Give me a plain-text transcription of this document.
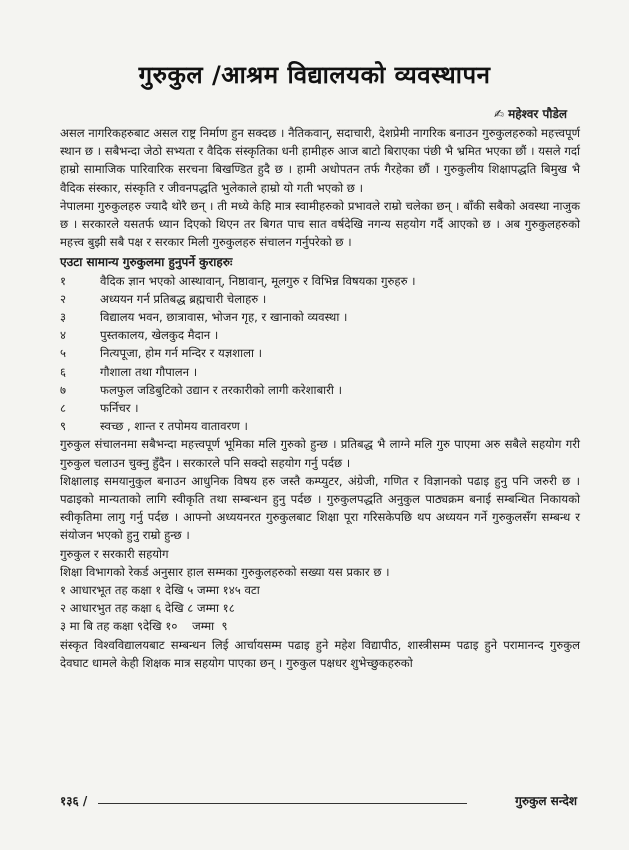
गुरुकुल /आश्रम विद्यालयको व्यवस्थापन
✍ महेश्वर पौडेल

असल नागरिकहरुबाट असल राष्ट्र निर्माण हुन सक्दछ । नैतिकवान्, सदाचारी, देशप्रेमी नागरिक बनाउन गुरुकुलहरुको महत्त्वपूर्ण स्थान छ । सबैभन्दा जेठो सभ्यता र वैदिक संस्कृतिका धनी हामीहरु आज बाटो बिराएका पंछी भै भ्रमित भएका छौं । यसले गर्दा हाम्रो सामाजिक पारिवारिक सरचना बिखण्डित हुदै छ । हामी अधोपतन तर्फ गैरहेका छौं । गुरुकुलीय शिक्षापद्धति बिमुख भै वैदिक संस्कार, संस्कृति र जीवनपद्धति भुलेकाले हाम्रो यो गती भएको छ ।

नेपालमा गुरुकुलहरु ज्यादै थोरै छन् । ती मध्ये केहि मात्र स्वामीहरुको प्रभावले राम्रो चलेका छन् । बाँकी सबैको अवस्था नाजुक छ । सरकारले यसतर्फ ध्यान दिएको थिएन तर बिगत पाच सात वर्षदेखि नगन्य सहयोग गर्दै आएको छ । अब गुरुकुलहरुको महत्त्व बुझी सबै पक्ष र सरकार मिली गुरुकुलहरु संचालन गर्नुपरेको छ ।

एउटा सामान्य गुरुकुलमा हुनुपर्ने कुराहरुः

१	वैदिक ज्ञान भएको आस्थावान्, निष्ठावान्, मूलगुरु र विभिन्न विषयका गुरुहरु ।
२	अध्ययन गर्न प्रतिबद्ध ब्रह्मचारी चेलाहरु ।
३	विद्यालय भवन, छात्रावास, भोजन गृह, र खानाको व्यवस्था ।
४	पुस्तकालय, खेलकुद मैदान ।
५	नित्यपूजा, होम गर्न मन्दिर र यज्ञशाला ।
६	गौशाला तथा गौपालन ।
७	फलफुल जडिबुटिको उद्यान र तरकारीको लागी करेशाबारी ।
८	फर्निचर ।
९	स्वच्छ , शान्त र तपोमय वातावरण ।

गुरुकुल संचालनमा सबैभन्दा महत्त्वपूर्ण भूमिका मलि गुरुको हुन्छ । प्रतिबद्ध भै लाग्ने मलि गुरु पाएमा अरु सबैले सहयोग गरी गुरुकुल चलाउन चुक्नु हुँदैन । सरकारले पनि सक्दो सहयोग गर्नु पर्दछ ।

शिक्षालाइ समयानुकुल बनाउन आधुनिक विषय हरु जस्तै कम्प्युटर, अंग्रेजी, गणित र विज्ञानको पढाइ हुनु पनि जरुरी छ । पढाइको मान्यताको लागि स्वीकृति तथा सम्बन्धन हुनु पर्दछ । गुरुकुलपद्धति अनुकुल पाठ्यक्रम बनाई सम्बन्धित निकायको स्वीकृतिमा लागु गर्नु पर्दछ । आफ्नो अध्ययनरत गुरुकुलबाट शिक्षा पूरा गरिसकेपछि थप अध्ययन गर्ने गुरुकुलसँग सम्बन्ध र संयोजन भएको हुनु राम्रो हुन्छ ।

गुरुकुल र सरकारी सहयोग

शिक्षा विभागको रेकर्ड अनुसार हाल सम्मका गुरुकुलहरुको सख्या यस प्रकार छ ।

१ आधारभूत तह कक्षा १ देखि ५ जम्मा १४५ वटा

२ आधारभुत तह कक्षा ६ देखि ८ जम्मा १८

३ मा बि तह कक्षा ९देखि १०    जम्मा  ९

संस्कृत विश्वविद्यालयबाट सम्बन्धन लिई आर्चायसम्म पढाइ हुने महेश विद्यापीठ, शास्त्रीसम्म पढाइ हुने परामानन्द गुरुकुल देवघाट धामले केही शिक्षक मात्र सहयोग पाएका छन् । गुरुकुल पक्षधर शुभेच्छुकहरुको

१३६ /	गुरुकुल सन्देश
